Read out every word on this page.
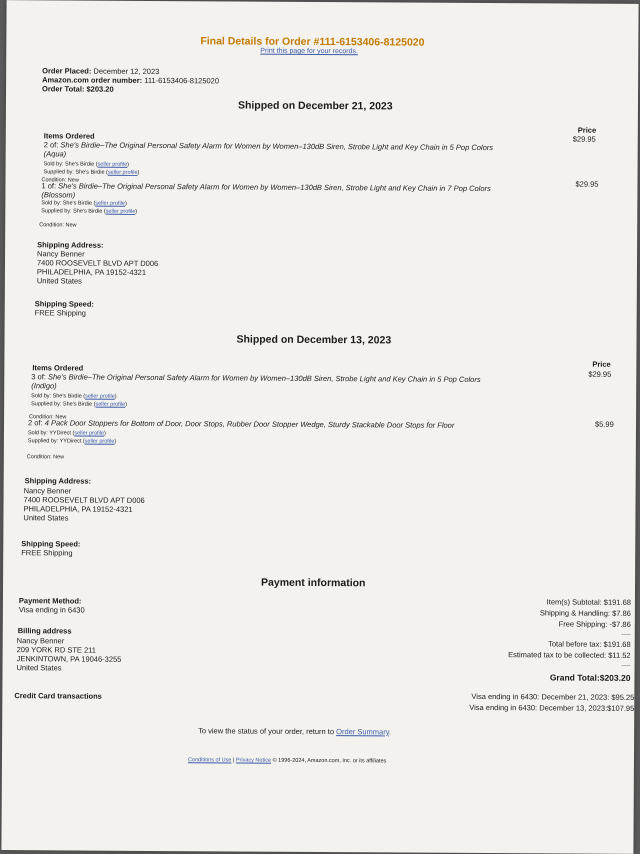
Final Details for Order #111-6153406-8125020
Print this page for your records.
Order Placed: December 12, 2023
Amazon.com order number: 111-6153406-8125020
Order Total: $203.20
Shipped on December 21, 2023
Items Ordered
Price
2 of: She's Birdie–The Original Personal Safety Alarm for Women by Women–130dB Siren, Strobe Light and Key Chain in 5 Pop Colors
(Aqua)
Sold by: She's Birdie (seller profile)
$^{Supplied by: She's Birdie (seller profile)}$
$29.95
Condition: New
1 of: She's Birdie–The Original Personal Safety Alarm for Women by Women–130dB Siren, Strobe Light and Key Chain in 7 Pop Colors
(Blossom)
Sold by: She's Birdie (seller profile)
$^{Supplied by: She's Birdie (seller profile)}$
$29.95
Condition: New
Shipping Address:
Nancy Benner
7400 ROOSEVELT BLVD APT D006
PHILADELPHIA, PA 19152-4321
United States
Shipping Speed:
FREE Shipping
Shipped on December 13, 2023
Items Ordered	Price
3 of: She's Birdie–The Original Personal Safety Alarm for Women by Women–130dB Siren, Strobe Light and Key Chain in 5 Pop Colors
(Indigo)
Sold by: She's Birdie (seller profile)
$^{Supplied by: She's Birdie (seller profile)}$
$29.95
Condition: New
2 of: 4 Pack Door Stoppers for Bottom of Door, Door Stops, Rubber Door Stopper Wedge, Sturdy Stackable Door Stops for Floor
Sold by: YYDirect (seller profile)
$^{Supplied by: YYDirect (seller profile)}$
$5.99
Condition: New
Shipping Address:
Nancy Benner
7400 ROOSEVELT BLVD APT D006
PHILADELPHIA, PA 19152-4321
United States
Shipping Speed:
FREE Shipping
Payment information
Payment Method:
Visa ending in 6430
Billing address
Nancy Benner
209 YORK RD STE 211
JENKINTOWN, PA 19046-3255
United States
Item(s) Subtotal: $191.68
Shipping & Handling: $7.86
Free Shipping: -$7.86
-----
Total before tax: $191.68
Estimated tax to be collected: $11.52
-----
Grand Total:$203.20
Credit Card transactions	Visa ending in 6430: December 21, 2023: $95.25
Visa ending in 6430: December 13, 2023:$107.95
To view the status of your order, return to Order Summary.
Conditions of Use | Privacy Notice © 1996-2024, Amazon.com, Inc. or its affiliates
